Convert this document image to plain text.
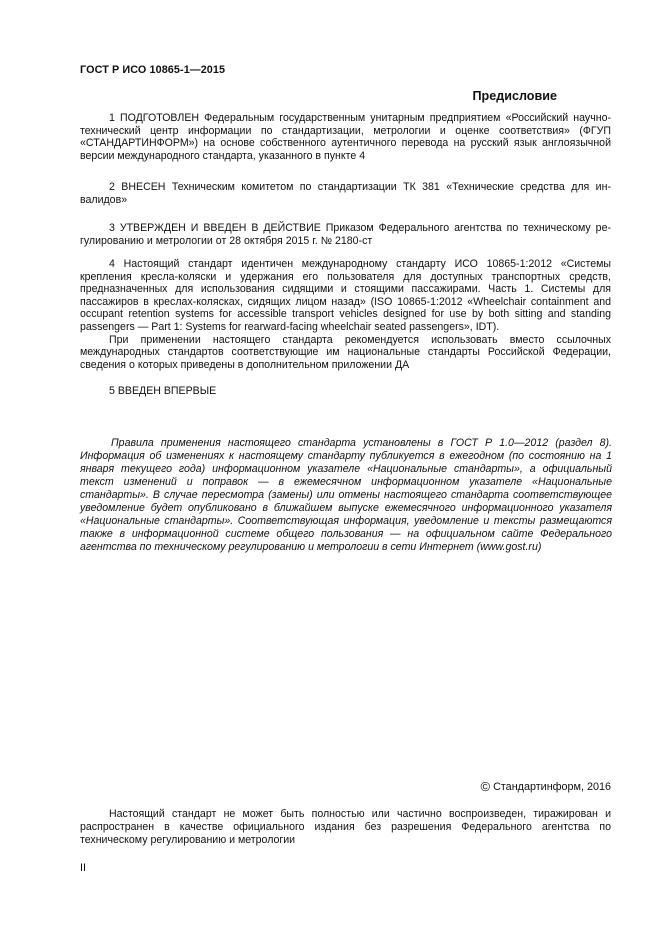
ГОСТ Р ИСО 10865-1—2015
Предисловие

1 ПОДГОТОВЛЕН Федеральным государственным унитарным предприятием «Российский научно-технический центр информации по стандартизации, метрологии и оценке соответствия» (ФГУП «СТАНДАРТИНФОРМ») на основе собственного аутентичного перевода на русский язык англоязычной версии международного стандарта, указанного в пункте 4

2 ВНЕСЕН Техническим комитетом по стандартизации ТК 381 «Технические средства для инвалидов»

3 УТВЕРЖДЕН И ВВЕДЕН В ДЕЙСТВИЕ Приказом Федерального агентства по техническому регулированию и метрологии от 28 октября 2015 г. № 2180-ст

4 Настоящий стандарт идентичен международному стандарту ИСО 10865-1:2012 «Системы крепления кресла-коляски и удержания его пользователя для доступных транспортных средств, предназначенных для использования сидящими и стоящими пассажирами. Часть 1. Системы для пассажиров в креслах-колясках, сидящих лицом назад» (ISO 10865-1:2012 «Wheelchair containment and occupant retention systems for accessible transport vehicles designed for use by both sitting and standing passengers — Part 1: Systems for rearward-facing wheelchair seated passengers», IDT).

При применении настоящего стандарта рекомендуется использовать вместо ссылочных международных стандартов соответствующие им национальные стандарты Российской Федерации, сведения о которых приведены в дополнительном приложении ДА

5 ВВЕДЕН ВПЕРВЫЕ

Правила применения настоящего стандарта установлены в ГОСТ Р 1.0—2012 (раздел 8). Информация об изменениях к настоящему стандарту публикуется в ежегодном (по состоянию на 1 января текущего года) информационном указателе «Национальные стандарты», а официальный текст изменений и поправок — в ежемесячном информационном указателе «Национальные стандарты». В случае пересмотра (замены) или отмены настоящего стандарта соответствующее уведомление будет опубликовано в ближайшем выпуске ежемесячного информационного указателя «Национальные стандарты». Соответствующая информация, уведомление и тексты размещаются также в информационной системе общего пользования — на официальном сайте Федерального агентства по техническому регулированию и метрологии в сети Интернет (www.gost.ru)

© Стандартинформ, 2016

Настоящий стандарт не может быть полностью или частично воспроизведен, тиражирован и распространен в качестве официального издания без разрешения Федерального агентства по техническому регулированию и метрологии

II
